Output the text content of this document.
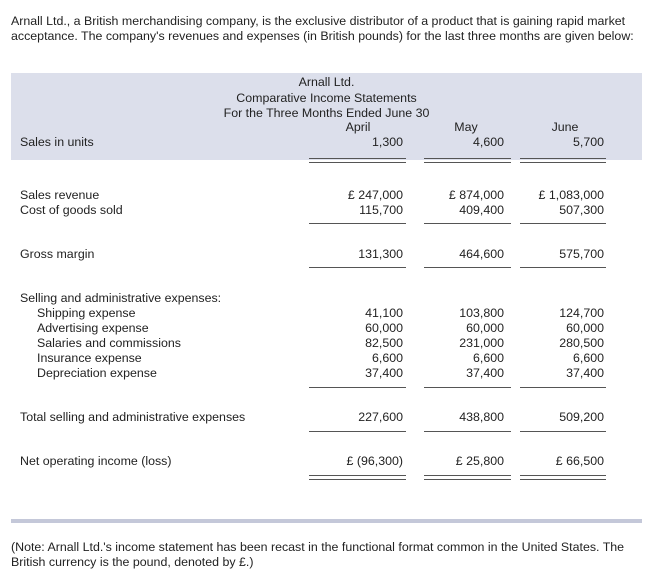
Arnall Ltd., a British merchandising company, is the exclusive distributor of a product that is gaining rapid market acceptance. The company's revenues and expenses (in British pounds) for the last three months are given below:
Arnall Ltd.
Comparative Income Statements
For the Three Months Ended June 30
April	May	June
Sales in units	1,300	4,600	5,700
Sales revenue	£ 247,000	£ 874,000	£ 1,083,000
Cost of goods sold	115,700	409,400	507,300
Gross margin	131,300	464,600	575,700
Selling and administrative expenses:
Shipping expense	41,100	103,800	124,700
Advertising expense	60,000	60,000	60,000
Salaries and commissions	82,500	231,000	280,500
Insurance expense	6,600	6,600	6,600
Depreciation expense	37,400	37,400	37,400
Total selling and administrative expenses	227,600	438,800	509,200
Net operating income (loss)	£ (96,300)	£ 25,800	£ 66,500
(Note: Arnall Ltd.'s income statement has been recast in the functional format common in the United States. The British currency is the pound, denoted by £.)
